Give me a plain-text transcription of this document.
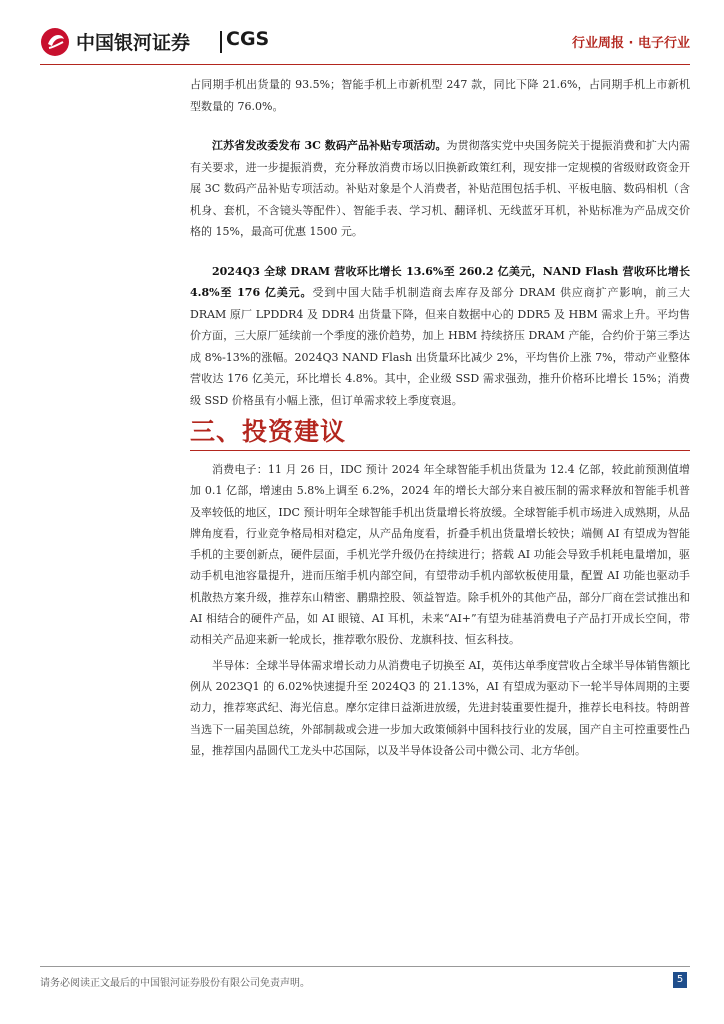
中国银河证券 CGS	行业周报 · 电子行业

占同期手机出货量的 93.5%；智能手机上市新机型 247 款，同比下降 21.6%，占同期手机上市新机型数量的 76.0%。

江苏省发改委发布 3C 数码产品补贴专项活动。为贯彻落实党中央国务院关于提振消费和扩大内需有关要求，进一步提振消费，充分释放消费市场以旧换新政策红利，现安排一定规模的省级财政资金开展 3C 数码产品补贴专项活动。补贴对象是个人消费者，补贴范围包括手机、平板电脑、数码相机（含机身、套机，不含镜头等配件）、智能手表、学习机、翻译机、无线蓝牙耳机，补贴标准为产品成交价格的 15%，最高可优惠 1500 元。

2024Q3 全球 DRAM 营收环比增长 13.6%至 260.2 亿美元，NAND Flash 营收环比增长 4.8%至 176 亿美元。受到中国大陆手机制造商去库存及部分 DRAM 供应商扩产影响，前三大 DRAM 原厂 LPDDR4 及 DDR4 出货量下降，但来自数据中心的 DDR5 及 HBM 需求上升。平均售价方面，三大原厂延续前一个季度的涨价趋势，加上 HBM 持续挤压 DRAM 产能，合约价于第三季达成 8%-13%的涨幅。2024Q3 NAND Flash 出货量环比减少 2%，平均售价上涨 7%，带动产业整体营收达 176 亿美元，环比增长 4.8%。其中，企业级 SSD 需求强劲，推升价格环比增长 15%；消费级 SSD 价格虽有小幅上涨，但订单需求较上季度衰退。

三、投资建议

消费电子：11 月 26 日，IDC 预计 2024 年全球智能手机出货量为 12.4 亿部，较此前预测值增加 0.1 亿部，增速由 5.8%上调至 6.2%，2024 年的增长大部分来自被压制的需求释放和智能手机普及率较低的地区，IDC 预计明年全球智能手机出货量增长将放缓。全球智能手机市场进入成熟期，从品牌角度看，行业竞争格局相对稳定，从产品角度看，折叠手机出货量增长较快；端侧 AI 有望成为智能手机的主要创新点，硬件层面，手机光学升级仍在持续进行；搭载 AI 功能会导致手机耗电量增加，驱动手机电池容量提升，进而压缩手机内部空间，有望带动手机内部软板使用量，配置 AI 功能也驱动手机散热方案升级，推荐东山精密、鹏鼎控股、领益智造。除手机外的其他产品，部分厂商在尝试推出和 AI 相结合的硬件产品，如 AI 眼镜、AI 耳机，未来“AI+”有望为硅基消费电子产品打开成长空间，带动相关产品迎来新一轮成长，推荐歌尔股份、龙旗科技、恒玄科技。

半导体：全球半导体需求增长动力从消费电子切换至 AI，英伟达单季度营收占全球半导体销售额比例从 2023Q1 的 6.02%快速提升至 2024Q3 的 21.13%，AI 有望成为驱动下一轮半导体周期的主要动力，推荐寒武纪、海光信息。摩尔定律日益渐进放缓，先进封装重要性提升，推荐长电科技。特朗普当选下一届美国总统，外部制裁或会进一步加大政策倾斜中国科技行业的发展，国产自主可控重要性凸显，推荐国内晶圆代工龙头中芯国际，以及半导体设备公司中微公司、北方华创。

请务必阅读正文最后的中国银河证券股份有限公司免责声明。	5
